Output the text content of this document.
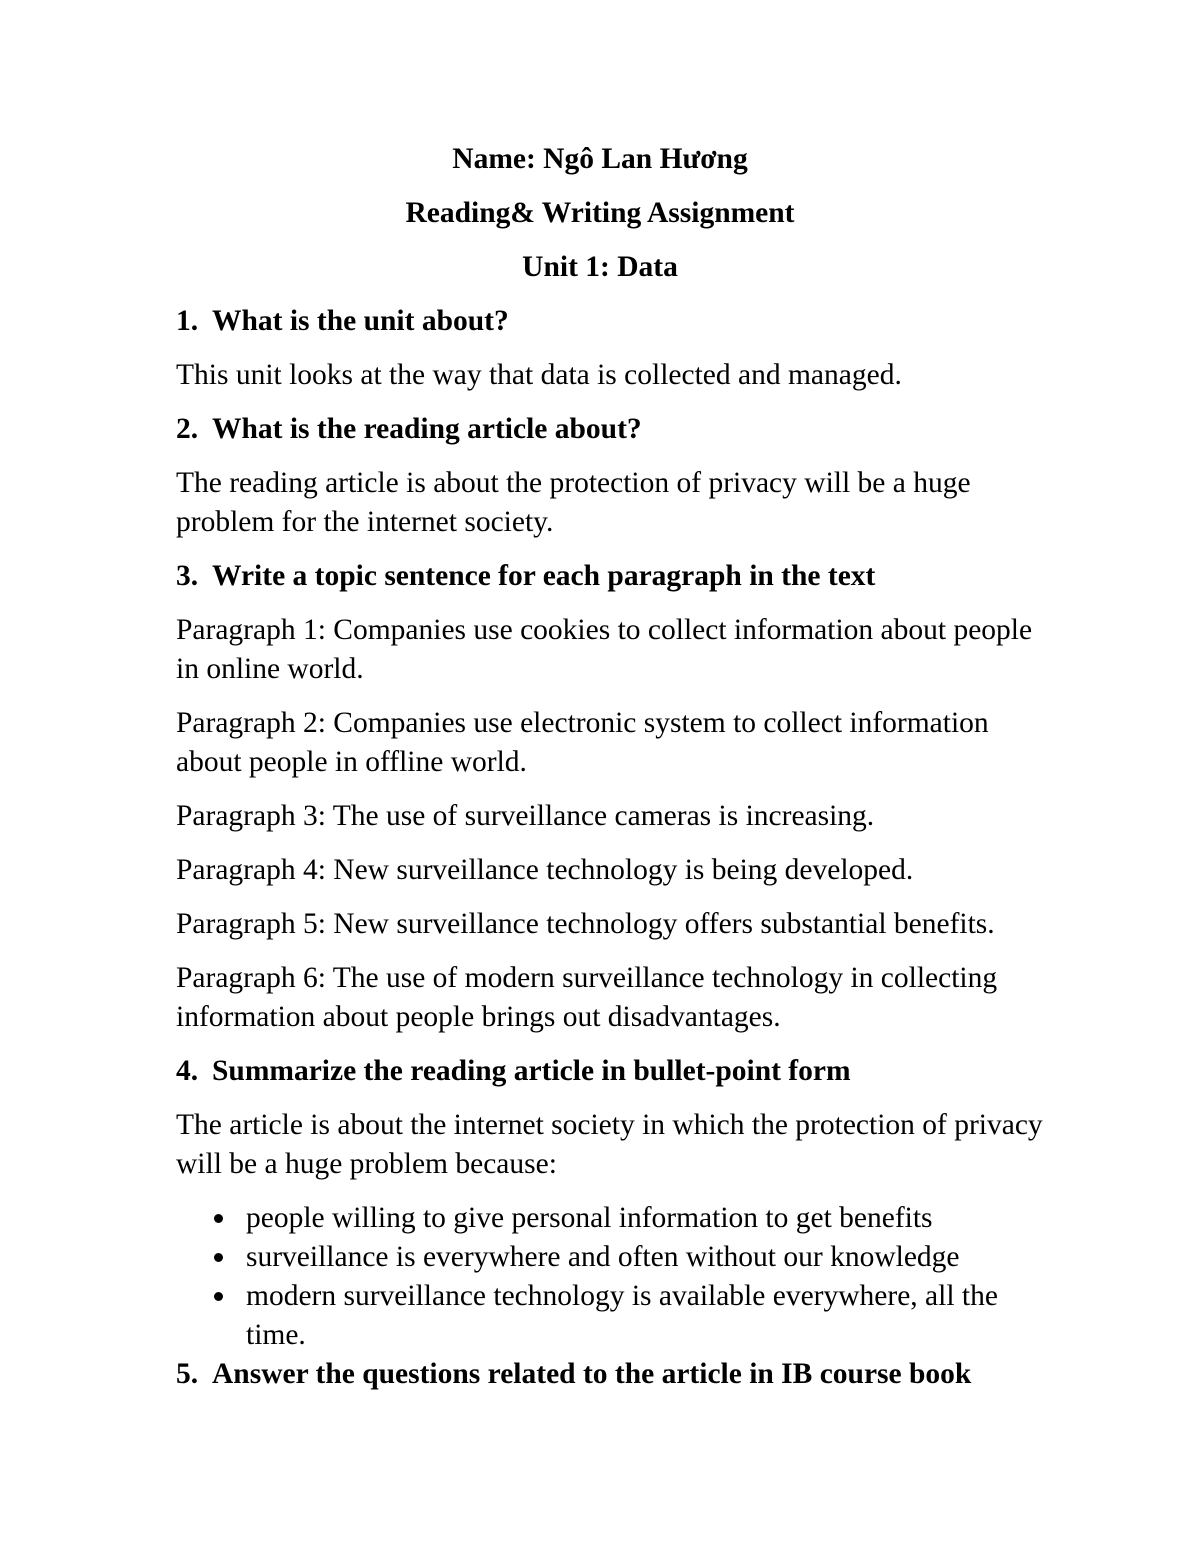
Name: Ngô Lan Hương
Reading& Writing Assignment
Unit 1: Data
1. What is the unit about?
This unit looks at the way that data is collected and managed.
2. What is the reading article about?
The reading article is about the protection of privacy will be a huge problem for the internet society.
3. Write a topic sentence for each paragraph in the text
Paragraph 1: Companies use cookies to collect information about people in online world.
Paragraph 2: Companies use electronic system to collect information about people in offline world.
Paragraph 3: The use of surveillance cameras is increasing.
Paragraph 4: New surveillance technology is being developed.
Paragraph 5: New surveillance technology offers substantial benefits.
Paragraph 6: The use of modern surveillance technology in collecting information about people brings out disadvantages.
4. Summarize the reading article in bullet-point form
The article is about the internet society in which the protection of privacy will be a huge problem because:
people willing to give personal information to get benefits
surveillance is everywhere and often without our knowledge
modern surveillance technology is available everywhere, all the time.
5. Answer the questions related to the article in IB course book
